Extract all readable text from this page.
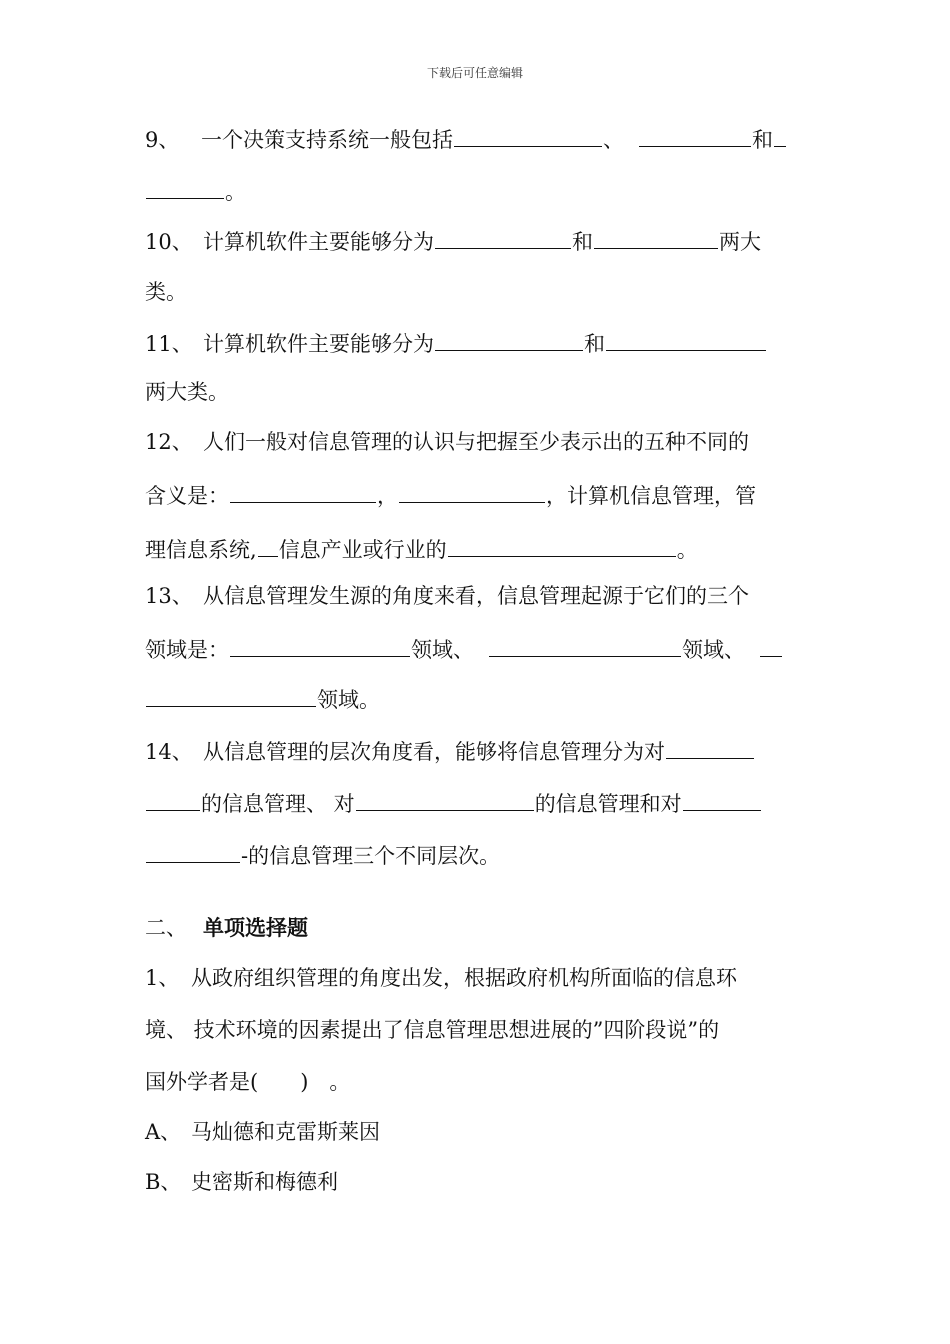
下载后可任意编辑
9、 一个决策支持系统一般包括	、	和
。
10、 计算机软件主要能够分为	和	两大
类。
11、 计算机软件主要能够分为	和
两大类。
12、 人们一般对信息管理的认识与把握至少表示出的五种不同的
含义是：	，	，计算机信息管理，管
理信息系统, 信息产业或行业的	。
13、 从信息管理发生源的角度来看，信息管理起源于它们的三个
领域是：	领域、	领域、
领域。
14、 从信息管理的层次角度看，能够将信息管理分为对
的信息管理、 对	的信息管理和对
-的信息管理三个不同层次。
二、 单项选择题
1、 从政府组织管理的角度出发，根据政府机构所面临的信息环
境、 技术环境的因素提出了信息管理思想进展的”四阶段说”的
国外学者是(　　)　。
A、 马灿德和克雷斯莱因
B、 史密斯和梅德利
